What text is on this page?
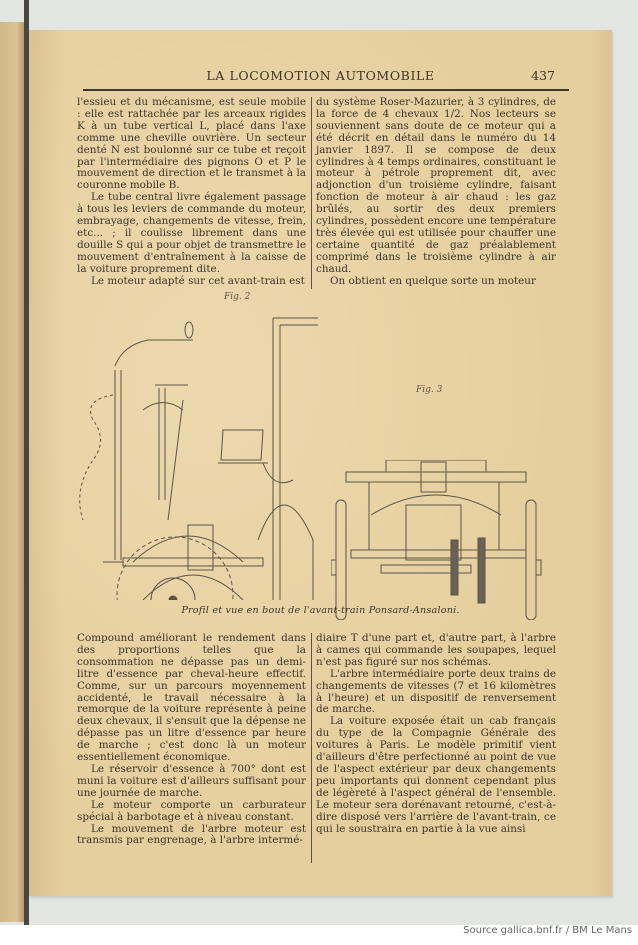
LA LOCOMOTION AUTOMOBILE	437

l'essieu et du mécanisme, est seule mobile : elle est rattachée par les arceaux rigides K à un tube vertical L, placé dans l'axe comme une cheville ouvrière. Un secteur denté N est boulonné sur ce tube et reçoit par l'intermédiaire des pignons O et P le mouvement de direction et le transmet à la couronne mobile B.

Le tube central livre également passage à tous les leviers de commande du moteur, embrayage, changements de vitesse, frein, etc... ; il coulisse librement dans une douille S qui a pour objet de transmettre le mouvement d'entraînement à la caisse de la voiture proprement dite.

Le moteur adapté sur cet avant-train est

du système Roser-Mazurier, à 3 cylindres, de la force de 4 chevaux 1/2. Nos lecteurs se souviennent sans doute de ce moteur qui a été décrit en détail dans le numéro du 14 janvier 1897. Il se compose de deux cylindres à 4 temps ordinaires, constituant le moteur à pétrole proprement dit, avec adjonction d'un troisième cylindre, faisant fonction de moteur à air chaud : les gaz brûlés, au sortir des deux premiers cylindres, possèdent encore une température très élevée qui est utilisée pour chauffer une certaine quantité de gaz préalablement comprimé dans le troisième cylindre à air chaud.

On obtient en quelque sorte un moteur

Fig. 2
Fig. 3
Profil et vue en bout de l'avant-train Ponsard-Ansaloni.

Compound améliorant le rendement dans des proportions telles que la consommation ne dépasse pas un demi-litre d'essence par cheval-heure effectif. Comme, sur un parcours moyennement accidenté, le travail nécessaire à la remorque de la voiture représente à peine deux chevaux, il s'ensuit que la dépense ne dépasse pas un litre d'essence par heure de marche ; c'est donc là un moteur essentiellement économique.

Le réservoir d'essence à 700° dont est muni la voiture est d'ailleurs suffisant pour une journée de marche.

Le moteur comporte un carburateur spécial à barbotage et à niveau constant.

Le mouvement de l'arbre moteur est transmis par engrenage, à l'arbre intermé-

diaire T d'une part et, d'autre part, à l'arbre à cames qui commande les soupapes, lequel n'est pas figuré sur nos schémas.

L'arbre intermédiaire porte deux trains de changements de vitesses (7 et 16 kilomètres à l'heure) et un dispositif de renversement de marche.

La voiture exposée était un cab français du type de la Compagnie Générale des voitures à Paris. Le modèle primitif vient d'ailleurs d'être perfectionné au point de vue de l'aspect extérieur par deux changements peu importants qui donnent cependant plus de légèreté à l'aspect général de l'ensemble. Le moteur sera dorénavant retourné, c'est-à-dire disposé vers l'arrière de l'avant-train, ce qui le soustraira en partie à la vue ainsi

Source gallica.bnf.fr / BM Le Mans
